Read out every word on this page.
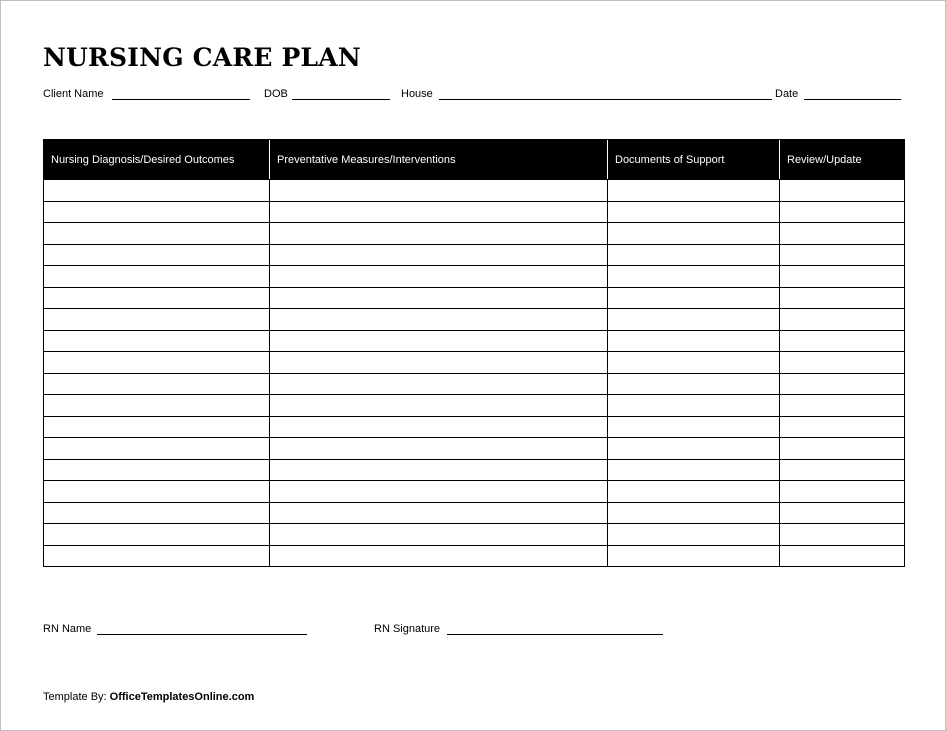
NURSING CARE PLAN
Client Name	DOB	House	Date
Nursing Diagnosis/Desired Outcomes	Preventative Measures/Interventions	Documents of Support	Review/Update

RN Name	RN Signature
Template By: OfficeTemplatesOnline.com
